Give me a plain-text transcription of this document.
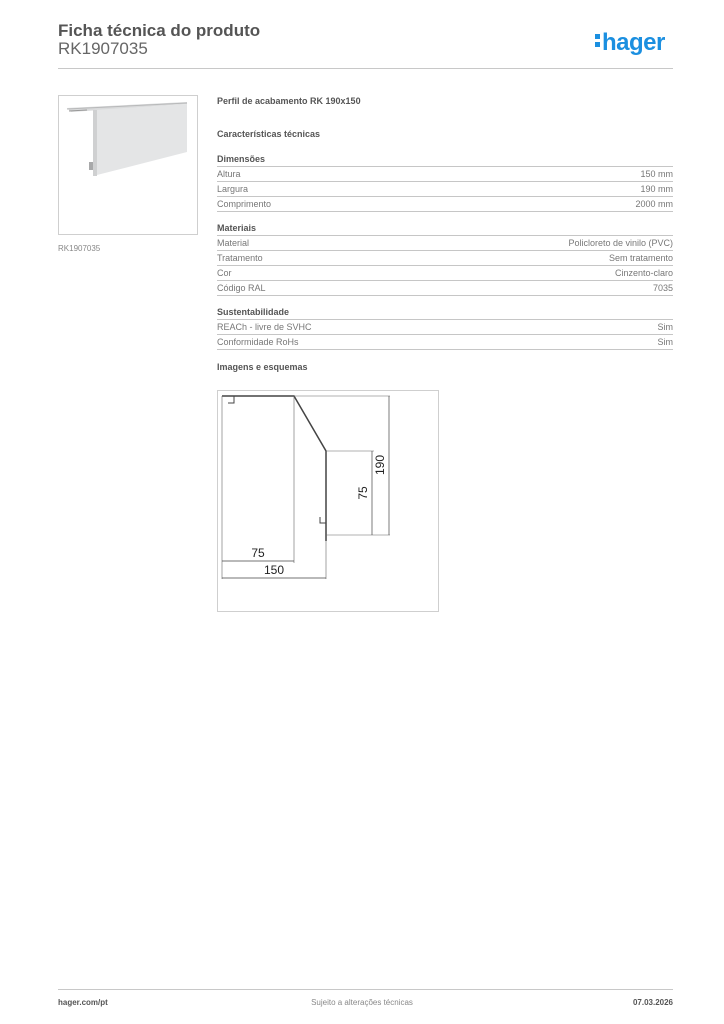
Ficha técnica do produto
RK1907035	hager
RK1907035
Perfil de acabamento RK 190x150
Características técnicas
Dimensões
Altura	150 mm
Largura	190 mm
Comprimento	2000 mm
Materiais
Material	Policloreto de vinilo (PVC)
Tratamento	Sem tratamento
Cor	Cinzento-claro
Código RAL	7035
Sustentabilidade
REACh - livre de SVHC	Sim
Conformidade RoHs	Sim
Imagens e esquemas
75
150
75
190
hager.com/pt	Sujeito a alterações técnicas	07.03.2026
